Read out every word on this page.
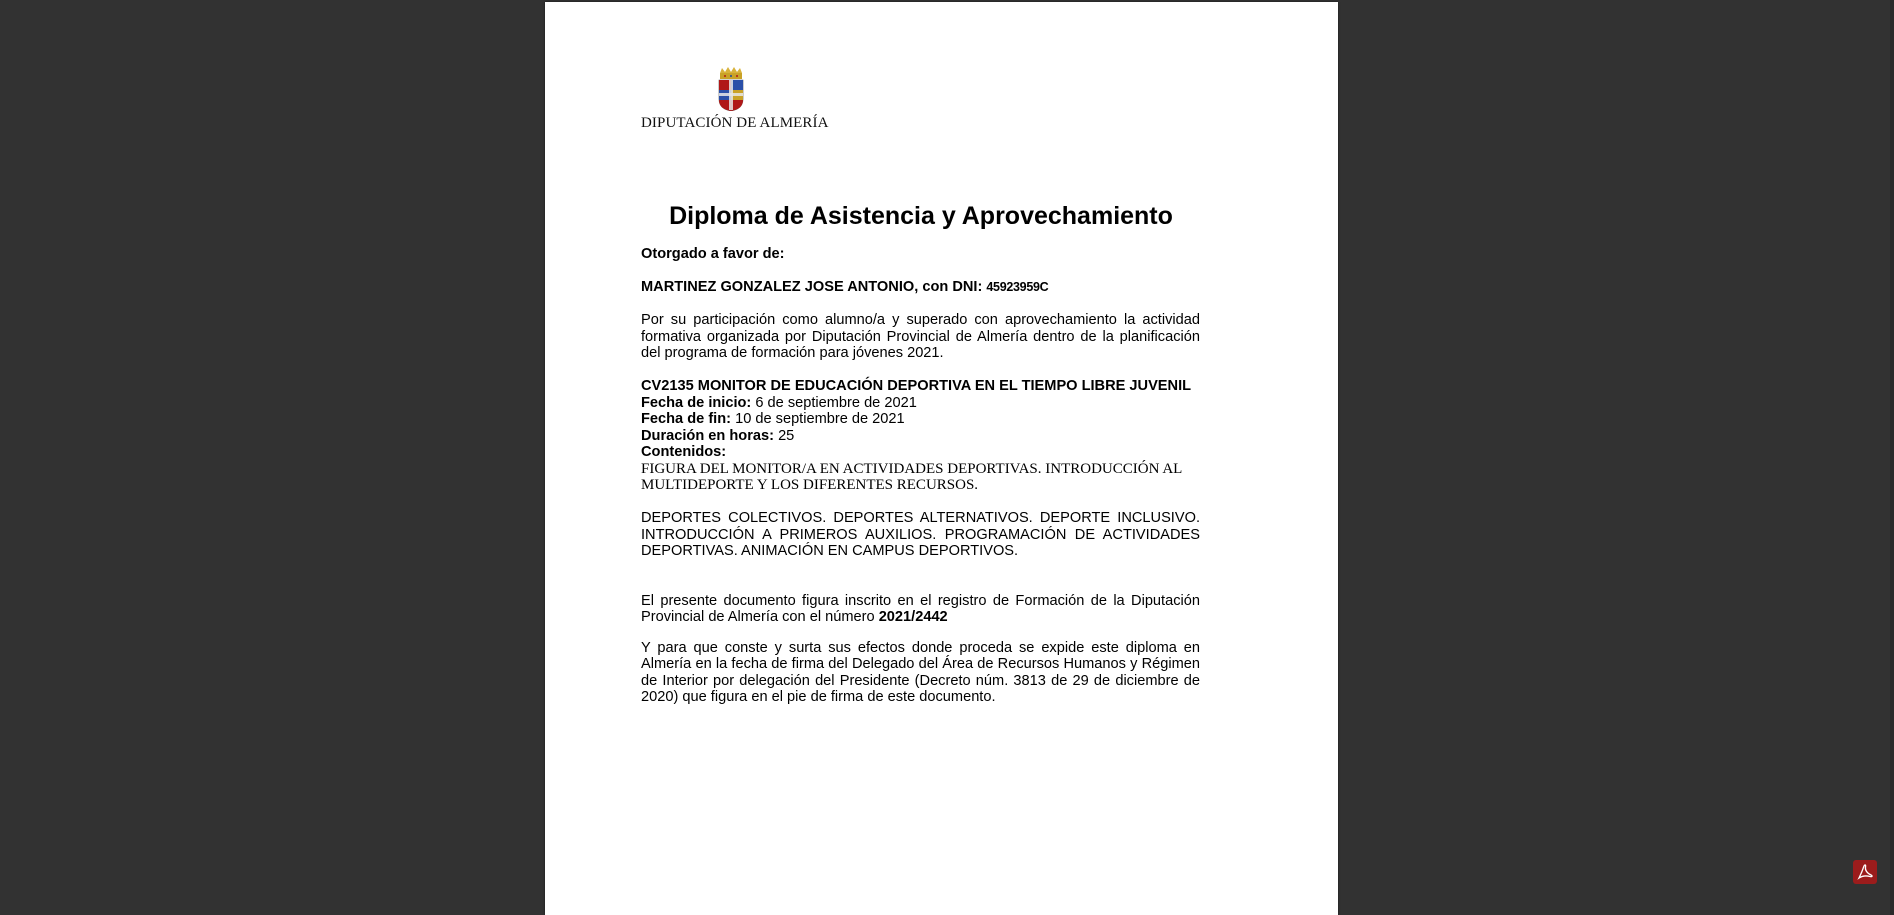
DIPUTACIÓN DE ALMERÍA
Diploma de Asistencia y Aprovechamiento

Otorgado a favor de:

MARTINEZ GONZALEZ JOSE ANTONIO, con DNI: 45923959C

Por su participación como alumno/a y superado con aprovechamiento la actividad formativa organizada por Diputación Provincial de Almería dentro de la planificación del programa de formación para jóvenes 2021.

CV2135 MONITOR DE EDUCACIÓN DEPORTIVA EN EL TIEMPO LIBRE JUVENIL

Fecha de inicio: 6 de septiembre de 2021

Fecha de fin: 10 de septiembre de 2021

Duración en horas: 25

Contenidos:

FIGURA DEL MONITOR/A EN ACTIVIDADES DEPORTIVAS. INTRODUCCIÓN AL MULTIDEPORTE Y LOS DIFERENTES RECURSOS.

DEPORTES COLECTIVOS. DEPORTES ALTERNATIVOS. DEPORTE INCLUSIVO. INTRODUCCIÓN A PRIMEROS AUXILIOS. PROGRAMACIÓN DE ACTIVIDADES DEPORTIVAS. ANIMACIÓN EN CAMPUS DEPORTIVOS.

El presente documento figura inscrito en el registro de Formación de la Diputación Provincial de Almería con el número 2021/2442

Y para que conste y surta sus efectos donde proceda se expide este diploma en Almería en la fecha de firma del Delegado del Área de Recursos Humanos y Régimen de Interior por delegación del Presidente (Decreto núm. 3813 de 29 de diciembre de 2020) que figura en el pie de firma de este documento.
